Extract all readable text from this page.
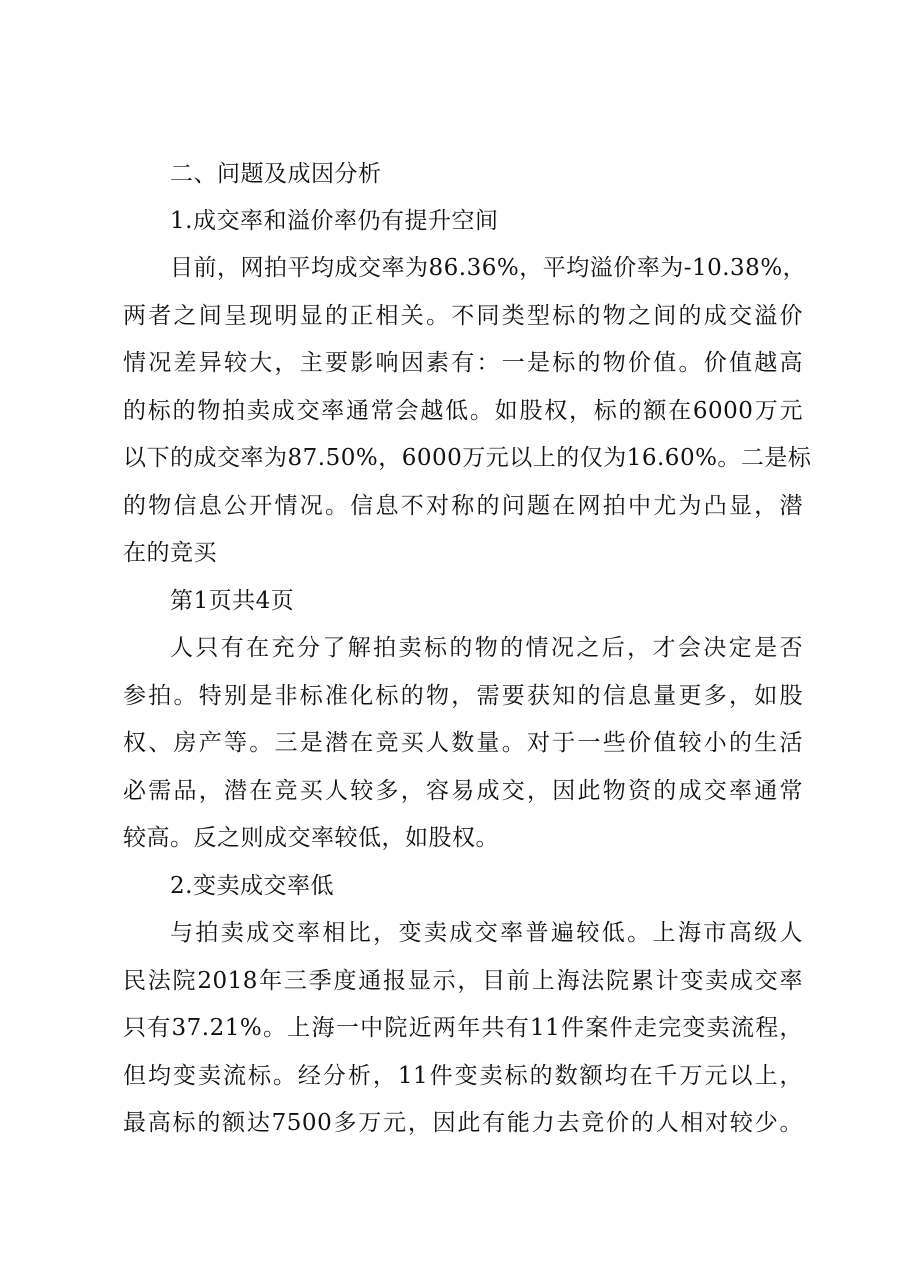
二、问题及成因分析
1.成交率和溢价率仍有提升空间
目前，网拍平均成交率为86.36%，平均溢价率为-10.38%，
两者之间呈现明显的正相关。不同类型标的物之间的成交溢价
情况差异较大，主要影响因素有：一是标的物价值。价值越高
的标的物拍卖成交率通常会越低。如股权，标的额在6000万元
以下的成交率为87.50%，6000万元以上的仅为16.60%。二是标
的物信息公开情况。信息不对称的问题在网拍中尤为凸显，潜
在的竞买
第1页共4页
人只有在充分了解拍卖标的物的情况之后，才会决定是否
参拍。特别是非标准化标的物，需要获知的信息量更多，如股
权、房产等。三是潜在竞买人数量。对于一些价值较小的生活
必需品，潜在竞买人较多，容易成交，因此物资的成交率通常
较高。反之则成交率较低，如股权。
2.变卖成交率低
与拍卖成交率相比，变卖成交率普遍较低。上海市高级人
民法院2018年三季度通报显示，目前上海法院累计变卖成交率
只有37.21%。上海一中院近两年共有11件案件走完变卖流程，
但均变卖流标。经分析，11件变卖标的数额均在千万元以上，
最高标的额达7500多万元，因此有能力去竞价的人相对较少。
